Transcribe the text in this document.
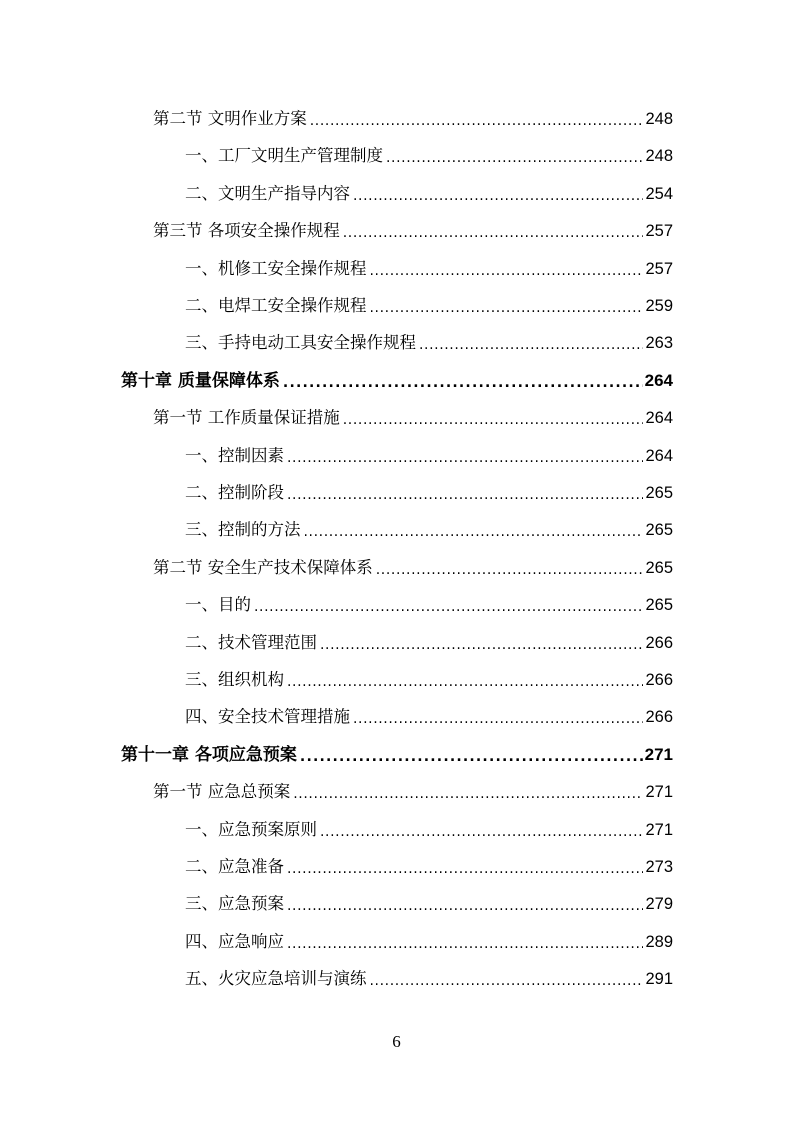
第二节 文明作业方案 .....	248
一、工厂文明生产管理制度 .....	248
二、文明生产指导内容 .....	254
第三节 各项安全操作规程 .....	257
一、机修工安全操作规程 .....	257
二、电焊工安全操作规程 .....	259
三、手持电动工具安全操作规程 .....	263
第十章 质量保障体系 .....	264
第一节 工作质量保证措施 .....	264
一、控制因素 .....	264
二、控制阶段 .....	265
三、控制的方法 .....	265
第二节 安全生产技术保障体系 .....	265
一、目的 .....	265
二、技术管理范围 .....	266
三、组织机构 .....	266
四、安全技术管理措施 .....	266
第十一章 各项应急预案 .....	271
第一节 应急总预案 .....	271
一、应急预案原则 .....	271
二、应急准备 .....	273
三、应急预案 .....	279
四、应急响应 .....	289
五、火灾应急培训与演练 .....	291
6
